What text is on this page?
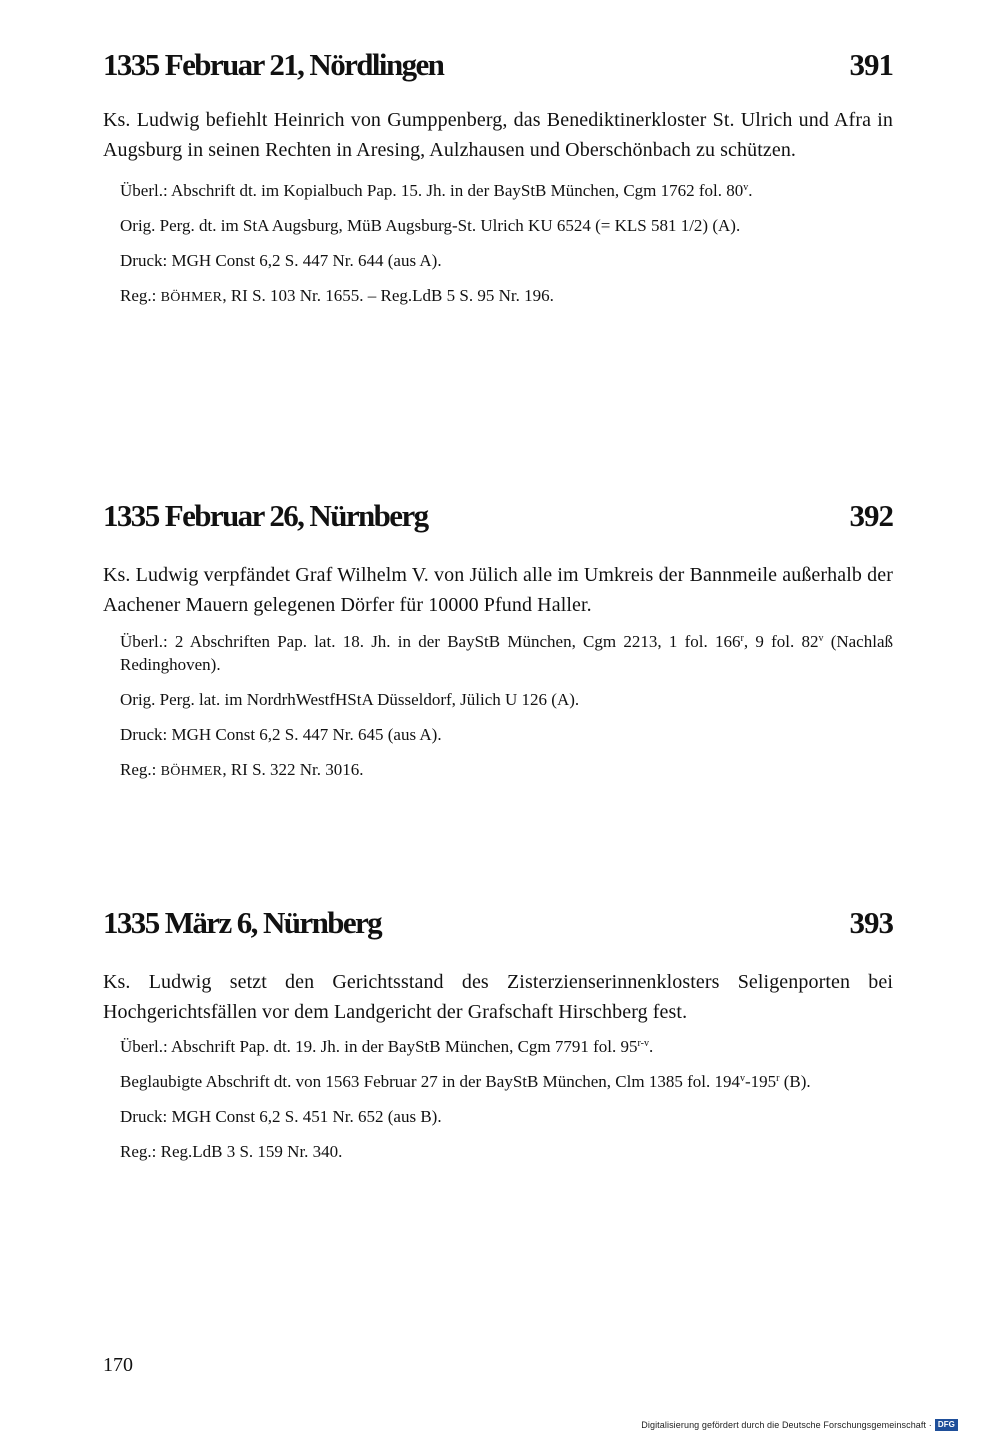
1335 Februar 21, Nördlingen	391

Ks. Ludwig befiehlt Heinrich von Gumppenberg, das Benediktinerkloster St. Ulrich und Afra in Augsburg in seinen Rechten in Aresing, Aulzhausen und Oberschönbach zu schützen.

Überl.: Abschrift dt. im Kopialbuch Pap. 15. Jh. in der BayStB München, Cgm 1762 fol. 80$^v$.

Orig. Perg. dt. im StA Augsburg, MüB Augsburg-St. Ulrich KU 6524 (= KLS 581 1/2) (A).

Druck: MGH Const 6,2 S. 447 Nr. 644 (aus A).

Reg.: BÖHMER, RI S. 103 Nr. 1655. – Reg.LdB 5 S. 95 Nr. 196.

1335 Februar 26, Nürnberg	392

Ks. Ludwig verpfändet Graf Wilhelm V. von Jülich alle im Umkreis der Bannmeile außerhalb der Aachener Mauern gelegenen Dörfer für 10000 Pfund Haller.

Überl.: 2 Abschriften Pap. lat. 18. Jh. in der BayStB München, Cgm 2213, 1 fol. 166$^r$, 9 fol. 82$^v$ (Nachlaß Redinghoven).

Orig. Perg. lat. im NordrhWestfHStA Düsseldorf, Jülich U 126 (A).

Druck: MGH Const 6,2 S. 447 Nr. 645 (aus A).

Reg.: BÖHMER, RI S. 322 Nr. 3016.

1335 März 6, Nürnberg	393

Ks. Ludwig setzt den Gerichtsstand des Zisterzienserinnenklosters Seligenporten bei Hochgerichtsfällen vor dem Landgericht der Grafschaft Hirschberg fest.

Überl.: Abschrift Pap. dt. 19. Jh. in der BayStB München, Cgm 7791 fol. 95$^{r-v}$.

Beglaubigte Abschrift dt. von 1563 Februar 27 in der BayStB München, Clm 1385 fol. 194$^v$-195$^r$ (B).

Druck: MGH Const 6,2 S. 451 Nr. 652 (aus B).

Reg.: Reg.LdB 3 S. 159 Nr. 340.

170
Digitalisierung gefördert durch die Deutsche Forschungsgemeinschaft · DFG
